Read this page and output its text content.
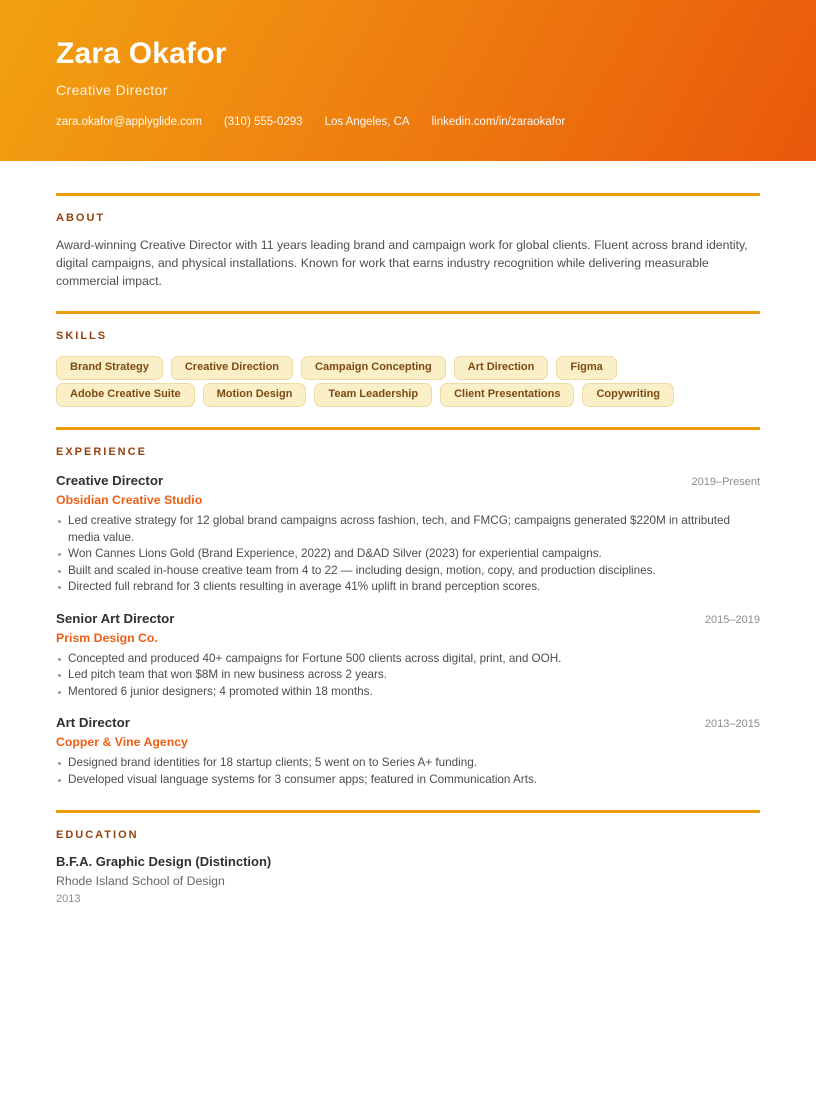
Zara Okafor
Creative Director
zara.okafor@applyglide.com (310) 555-0293 Los Angeles, CA linkedin.com/in/zaraokafor
ABOUT

Award-winning Creative Director with 11 years leading brand and campaign work for global clients. Fluent across brand identity, digital campaigns, and physical installations. Known for work that earns industry recognition while delivering measurable commercial impact.

SKILLS
Brand Strategy	Creative Direction	Campaign Concepting	Art Direction	Figma
Adobe Creative Suite	Motion Design	Team Leadership	Client Presentations	Copywriting
EXPERIENCE
Creative Director	2019–Present
Obsidian Creative Studio
Led creative strategy for 12 global brand campaigns across fashion, tech, and FMCG; campaigns generated $220M in attributed media value.
Won Cannes Lions Gold (Brand Experience, 2022) and D&AD Silver (2023) for experiential campaigns.
Built and scaled in-house creative team from 4 to 22 — including design, motion, copy, and production disciplines.
Directed full rebrand for 3 clients resulting in average 41% uplift in brand perception scores.
Senior Art Director	2015–2019
Prism Design Co.
Concepted and produced 40+ campaigns for Fortune 500 clients across digital, print, and OOH.
Led pitch team that won $8M in new business across 2 years.
Mentored 6 junior designers; 4 promoted within 18 months.
Art Director	2013–2015
Copper & Vine Agency
Designed brand identities for 18 startup clients; 5 went on to Series A+ funding.
Developed visual language systems for 3 consumer apps; featured in Communication Arts.
EDUCATION
B.F.A. Graphic Design (Distinction)
Rhode Island School of Design
2013
